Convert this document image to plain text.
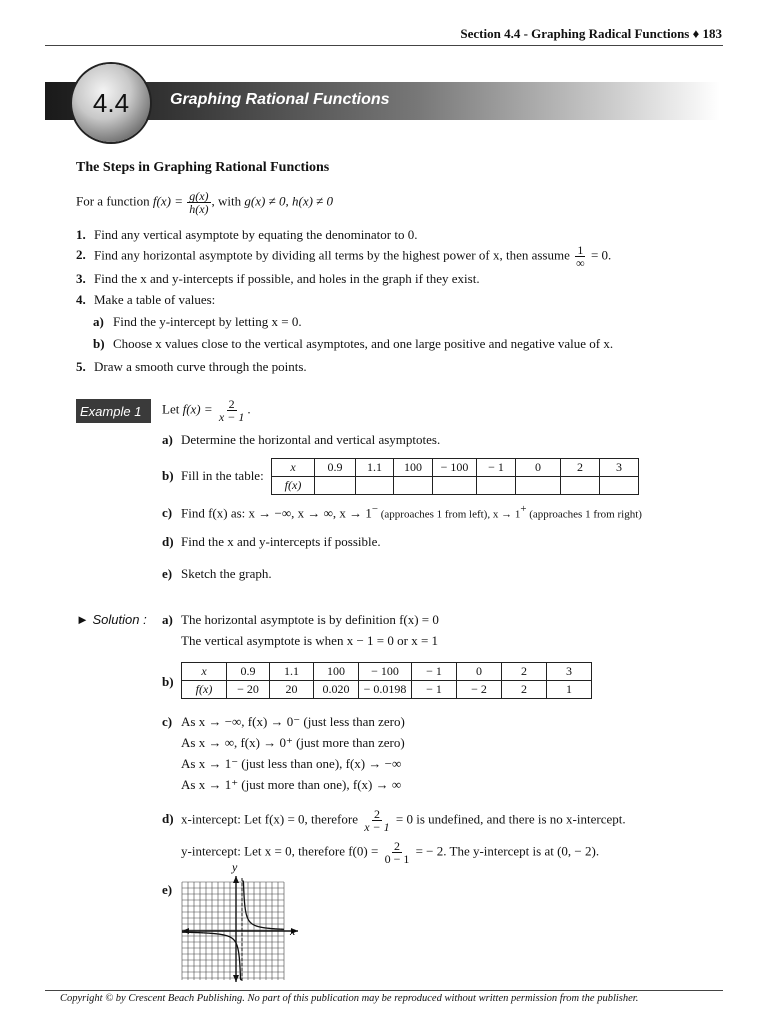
Section 4.4 - Graphing Radical Functions ♦ 183
4.4	Graphing Rational Functions
The Steps in Graphing Rational Functions
For a function $f(x) = \frac{g(x)}{h(x)}$ , with g(x) ≠ 0, h(x) ≠ 0
1. Find any vertical asymptote by equating the denominator to 0.
2. Find any horizontal asymptote by dividing all terms by the highest power of x, then assume $\frac{1}{\infty} = 0$.
3. Find the x and y-intercepts if possible, and holes in the graph if they exist.
4. Make a table of values:
a) Find the y-intercept by letting x = 0.
b) Choose x values close to the vertical asymptotes, and one large positive and negative value of x.
5. Draw a smooth curve through the points.
Example 1	Let $f(x) = \frac{2}{x - 1}$ .
a) Determine the horizontal and vertical asymptotes.
b) Fill in the table:
x	0.9	1.1	100	− 100	− 1	0	2	3
f(x)								
c) Find f(x) as: x → −∞, x → ∞, x → 1− (approaches 1 from left), x → 1+ (approaches 1 from right)
d) Find the x and y-intercepts if possible.
e) Sketch the graph.
► Solution : a) The horizontal asymptote is by definition f(x) = 0
The vertical asymptote is when x − 1 = 0 or x = 1
b)
x	0.9	1.1	100	− 100	− 1	0	2	3
f(x)	− 20	20	0.020	− 0.0198	− 1	− 2	2	1
c) As x → −∞, f(x) → 0⁻ (just less than zero)
As x → ∞, f(x) → 0⁺ (just more than zero)
As x → 1⁻ (just less than one), f(x) → −∞
As x → 1⁺ (just more than one), f(x) → ∞
d) x-intercept: Let f(x) = 0, therefore $\frac{2}{x - 1} = 0$ is undefined, and there is no x-intercept.
y-intercept: Let x = 0, therefore $f(0) = \frac{2}{0 - 1}$ = − 2. The y-intercept is at (0, − 2).
e)
y
x
Copyright © by Crescent Beach Publishing. No part of this publication may be reproduced without written permission from the publisher.
